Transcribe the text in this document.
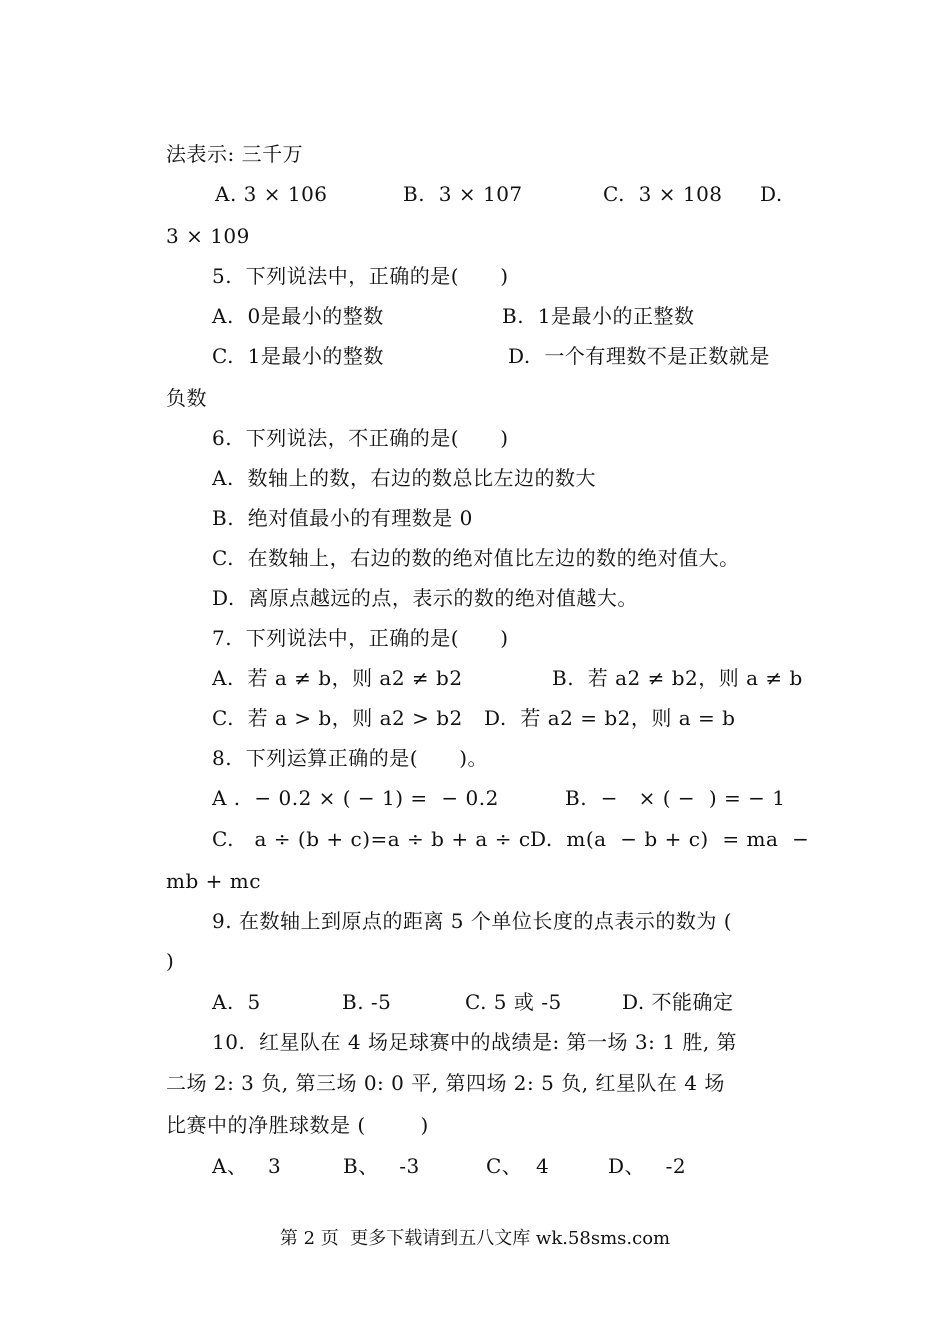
法表示: 三千万
A. 3 × 106	B.  3 × 107	C.  3 × 108 D.
3 × 109
5.  下列说法中，正确的是(      )
A.  0是最小的整数	B.  1是最小的正整数
C.  1是最小的整数	D.  一个有理数不是正数就是
负数
6.  下列说法，不正确的是(      )
A.  数轴上的数，右边的数总比左边的数大
B.  绝对值最小的有理数是 0
C.  在数轴上，右边的数的绝对值比左边的数的绝对值大。
D.  离原点越远的点，表示的数的绝对值越大。
7.  下列说法中，正确的是(      )
A.  若 a ≠ b，则 a2 ≠ b2	B.  若 a2 ≠ b2，则 a ≠ b
C.  若 a > b，则 a2 > b2 D.  若 a2 = b2，则 a = b
8.  下列运算正确的是(      )。
A .  − 0.2 × ( − 1) =  − 0.2	B.  −   × ( −  ) = − 1
C.   a ÷ (b + c)=a ÷ b + a ÷ c D.  m(a  − b + c)  = ma  −
mb + mc
9. 在数轴上到原点的距离 5 个单位长度的点表示的数为 (
)
A.  5	B. -5	C. 5 或 -5	D. 不能确定
10.  红星队在 4 场足球赛中的战绩是: 第一场 3: 1 胜, 第
二场 2: 3 负, 第三场 0: 0 平, 第四场 2: 5 负, 红星队在 4 场
比赛中的净胜球数是 (        )
A、   3	B、   -3	C、  4	D、   -2
第 2 页  更多下载请到五八文库 wk.58sms.com
